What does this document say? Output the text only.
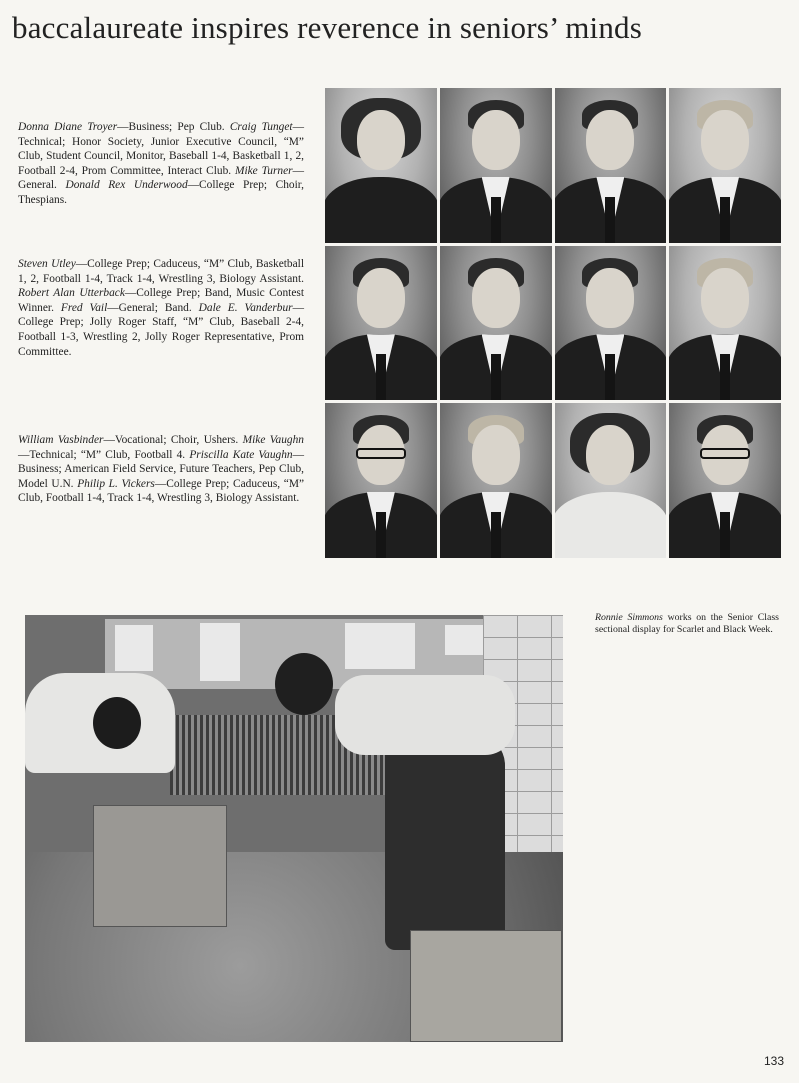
baccalaureate inspires reverence in seniors’ minds

Donna Diane Troyer—Business; Pep Club. Craig Tunget—Technical; Honor Society, Junior Executive Council, “M” Club, Student Council, Monitor, Baseball 1-4, Basketball 1, 2, Football 2-4, Prom Committee, Interact Club. Mike Turner—General. Donald Rex Underwood—College Prep; Choir, Thespians.

Steven Utley—College Prep; Caduceus, “M” Club, Basketball 1, 2, Football 1-4, Track 1-4, Wrestling 3, Biology Assistant. Robert Alan Utterback—College Prep; Band, Music Contest Winner. Fred Vail—General; Band. Dale E. Vanderbur—College Prep; Jolly Roger Staff, “M” Club, Baseball 2-4, Football 1-3, Wrestling 2, Jolly Roger Representative, Prom Committee.

William Vasbinder—Vocational; Choir, Ushers. Mike Vaughn—Technical; “M” Club, Football 4. Priscilla Kate Vaughn—Business; American Field Service, Future Teachers, Pep Club, Model U.N. Philip L. Vickers—College Prep; Caduceus, “M” Club, Football 1-4, Track 1-4, Wrestling 3, Biology Assistant.

Ronnie Simmons works on the Senior Class sectional display for Scarlet and Black Week.

133
